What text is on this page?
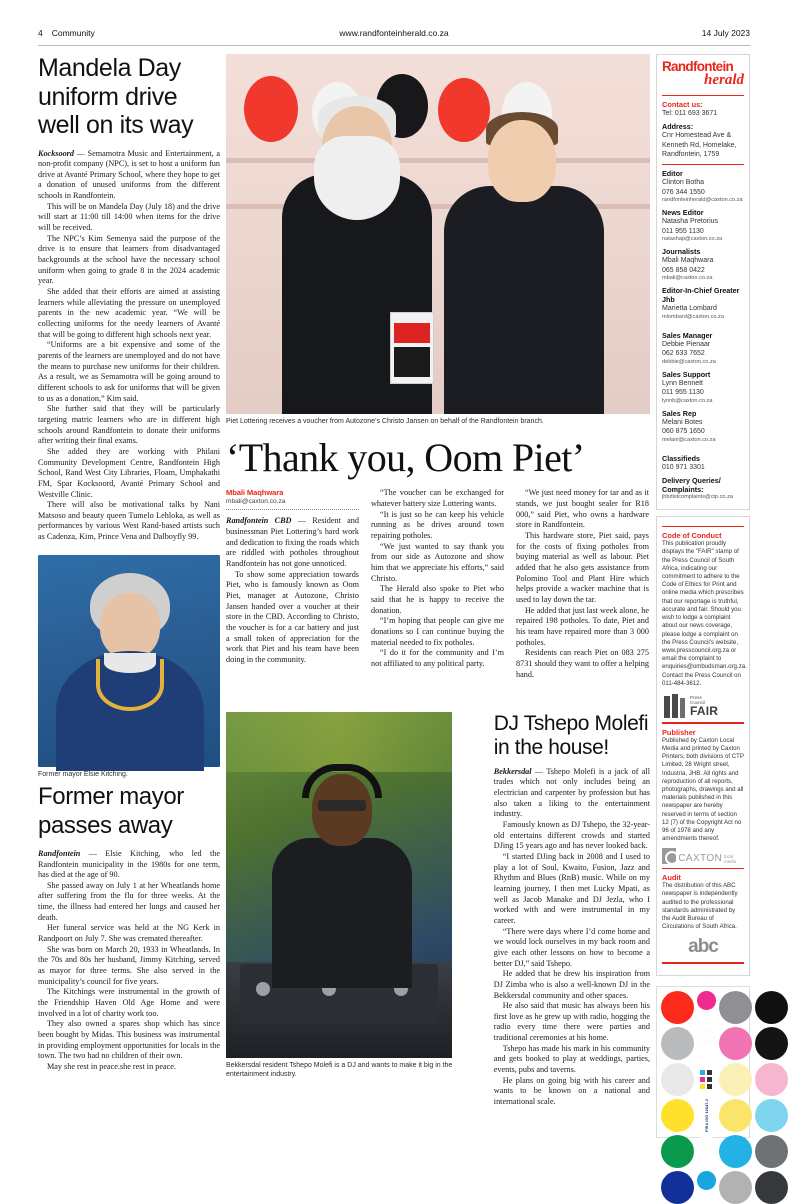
4 Community	www.randfonteinherald.co.za	14 July 2023
Mandela Day uniform drive well on its way

Kocksoord — Semamotra Music and Entertainment, a non-profit company (NPC), is set to host a uniform fun drive at Avanté Primary School, where they hope to get a donation of unused uniforms from the different schools in Randfontein.

This will be on Mandela Day (July 18) and the drive will start at 11:00 till 14:00 when items for the drive will be received.

The NPC’s Kim Semenya said the purpose of the drive is to ensure that learners from disadvantaged backgrounds at the school have the necessary school uniform when going to grade 8 in the 2024 academic year.

She added that their efforts are aimed at assisting learners while alleviating the pressure on unemployed parents in the new academic year. “We will be collecting uniforms for the needy learners of Avanté that will be going to different high schools next year.

“Uniforms are a bit expensive and some of the parents of the learners are unemployed and do not have the means to purchase new uniforms for their children. As a result, we as Semamotra will be going around to different schools to ask for uniforms that will be given to us as a donation,” Kim said.

She further said that they will be particularly targeting matric learners who are in different high schools around Randfontein to donate their uniforms after writing their final exams.

She added they are working with Philani Community Development Centre, Randfontein High School, Rand West City Libraries, Floam, Umphakathi FM, Spar Kocksoord, Avanté Primary School and Westville Clinic.

There will also be motivational talks by Nani Matsoso and beauty queen Tumelo Lehloka, as well as performances by various West Rand-based artists such as Cadenza, Kim, Prince Vena and Dalboyfly 99.

Former mayor Elsie Kitching.
Former mayor passes away

Randfontein — Elsie Kitching, who led the Randfontein municipality in the 1980s for one term, has died at the age of 90.

She passed away on July 1 at her Wheatlands home after suffering from the flu for three weeks. At the time, the illness had entered her lungs and caused her death.

Her funeral service was held at the NG Kerk in Randpoort on July 7. She was cremated thereafter.

She was born on March 20, 1933 in Wheatlands. In the 70s and 80s her husband, Jimmy Kitching, served as mayor for three terms. She also served in the municipality’s council for five years.

The Kitchings were instrumental in the growth of the Friendship Haven Old Age Home and were involved in a lot of charity work too.

They also owned a spares shop which has since been bought by Midas. This business was instrumental in providing employment opportunities for locals in the town. The two had no children of their own.

May she rest in peace.she rest in peace.

Piet Lottering receives a voucher from Autozone’s Christo Jansen on behalf of the Randfontein branch.
‘Thank you, Oom Piet’
Mbali Maqhwara
mbali@caxton.co.za

Randfontein CBD — Resident and businessman Piet Lottering’s hard work and dedication to fixing the roads which are riddled with potholes throughout Randfontein has not gone unnoticed.

To show some appreciation towards Piet, who is famously known as Oom Piet, manager at Autozone, Christo Jansen handed over a voucher at their store in the CBD. According to Christo, the voucher is for a car battery and just a small token of appreciation for the work that Piet and his team have been doing in the community.

“The voucher can be exchanged for whatever battery size Lottering wants.

“It is just so he can keep his vehicle running as he drives around town repairing potholes.

“We just wanted to say thank you from our side as Autozone and show him that we appreciate his efforts,” said Christo.

The Herald also spoke to Piet who said that he is happy to receive the donation.

“I’m hoping that people can give me donations so I can continue buying the material needed to fix potholes.

“I do it for the community and I’m not affiliated to any political party.

“We just need money for tar and as it stands, we just bought sealer for R18 000,” said Piet, who owns a hardware store in Randfontein.

This hardware store, Piet said, pays for the costs of fixing potholes from buying material as well as labour. Piet added that he also gets assistance from Polomino Tool and Plant Hire which helps provide a wacker machine that is used to lay down the tar.

He added that just last week alone, he repaired 198 potholes. To date, Piet and his team have repaired more than 3 000 potholes.

Residents can reach Piet on 083 275 8731 should they want to offer a helping hand.

Bekkersdal resident Tshepo Molefi is a DJ and wants to make it big in the entertainment industry.
DJ Tshepo Molefi in the house!

Bekkersdal — Tshepo Molefi is a jack of all trades which not only includes being an electrician and carpenter by profession but has also taken a liking to the entertainment industry.

Famously known as DJ Tshepo, the 32-year-old entertains different crowds and started DJing 15 years ago and has never looked back.

“I started DJing back in 2008 and I used to play a lot of Soul, Kwaito, Fusion, Jazz and Rhythm and Blues (RnB) music. While on my learning journey, I then met Lucky Mpati, as well as Jacob Manake and DJ Jezla, who I worked with and were instrumental in my career.

“There were days where I’d come home and we would lock ourselves in my back room and give each other lessons on how to become a better DJ,” said Tshepo.

He added that he drew his inspiration from DJ Zimba who is also a well-known DJ in the Bekkersdal community and other spaces.

He also said that music has always been his first love as he grew up with radio, hogging the radio every time there were parties and traditional ceremonies at his home.

Tshepo has made his mark in his community and gets booked to play at weddings, parties, events, pubs and taverns.

He plans on going big with his career and wants to be known on a national and international scale.

Randfontein
herald
Contact us:
Tel: 011 693 3671
Address:
Cnr Homestead Ave & Kenneth Rd, Homelake, Randfontein, 1759
Editor
Clinton Botha
076 344 1550
randfonteinherald@caxton.co.za
News Editor
Natasha Pretorius
011 955 1130
natashap@caxton.co.za
Journalists
Mbali Maqhwara
065 858 0422
mbali@caxton.co.za
Editor-In-Chief Greater Jhb
Marietta Lombard
mlombard@caxton.co.za
Sales Manager
Debbie Pienaar
062 633 7652
debbie@caxton.co.za
Sales Support
Lynn Bennett
011 955 1130
lynnb@caxton.co.za
Sales Rep
Melani Botes
060 875 1650
melani@caxton.co.za
Classifieds
010 971 3301
Delivery Queries/ Complaints:
jhbdistcomplaints@ctp.co.za
Code of Conduct
This publication proudly displays the "FAIR" stamp of the Press Council of South Africa, indicating our commitment to adhere to the Code of Ethics for Print and online media which prescribes that our reportage is truthful, accurate and fair. Should you wish to lodge a complaint about our news coverage, please lodge a complaint on the Press Council's website, www.presscouncil.org.za or email the complaint to enquiries@ombudsman.org.za. Contact the Press Council on 011-484-3612.
Press
Council
FAIR
Publisher
Published by Caxton Local Media and printed by Caxton Printers, both divisions of CTP Limited, 28 Wright street, Industria, JHB. All rights and reproduction of all reports, photographs, drawings and all materials published in this newspaper are hereby reserved in terms of section 12 (7) of the Copyright Act no 96 of 1978 and any amendments thereof.
CAXTON local media
Audit
The distribution of this ABC newspaper is independently audited to the professional standards administrated by the Audit Bureau of Circulations of South Africa.
abc
FIRA ISO 12647-2
